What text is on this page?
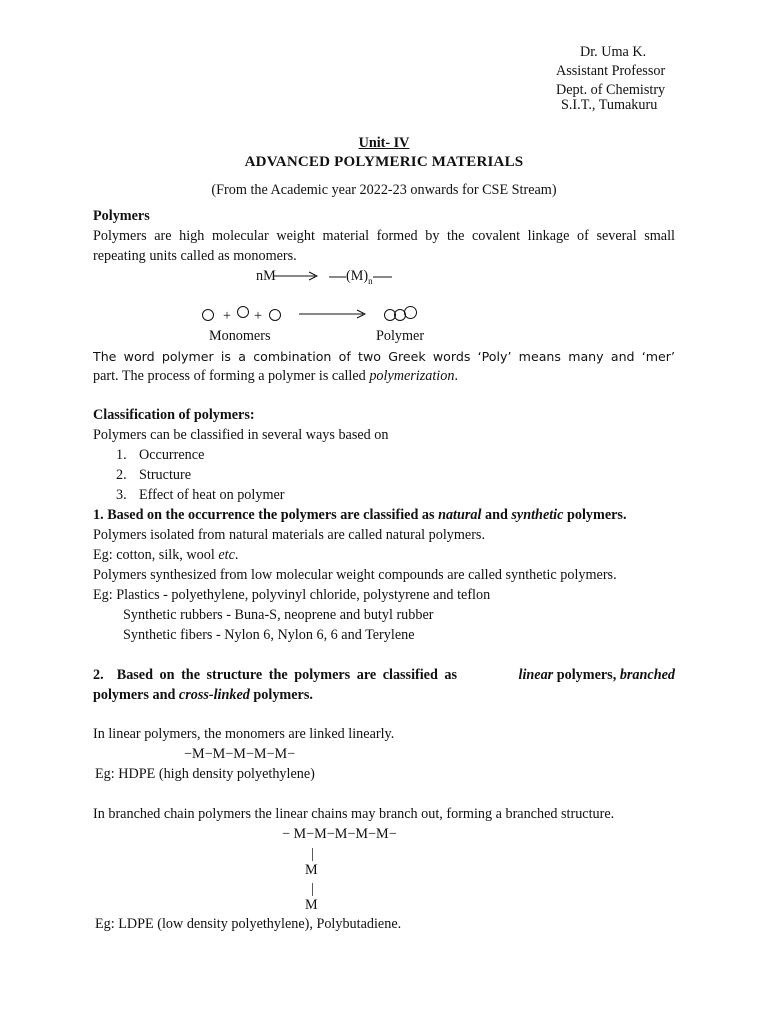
Dr. Uma K.
Assistant Professor
Dept. of Chemistry
S.I.T., Tumakuru
Unit- IV
ADVANCED POLYMERIC MATERIALS
(From the Academic year 2022-23 onwards for CSE Stream)
Polymers
Polymers are high molecular weight material formed by the covalent linkage of several small
repeating units called as monomers.
nM	$(M)_n$
+ +
Monomers	Polymer
The word polymer is a combination of two Greek words ‘Poly’ means many and ‘mer’
part. The process of forming a polymer is called polymerization.
Classification of polymers:
Polymers can be classified in several ways based on
1. Occurrence
2. Structure
3. Effect of heat on polymer
1. Based on the occurrence the polymers are classified as natural and synthetic polymers.
Polymers isolated from natural materials are called natural polymers.
Eg: cotton, silk, wool etc.
Polymers synthesized from low molecular weight compounds are called synthetic polymers.
Eg: Plastics - polyethylene, polyvinyl chloride, polystyrene and teflon
Synthetic rubbers - Buna-S, neoprene and butyl rubber
Synthetic fibers - Nylon 6, Nylon 6, 6 and Terylene
2.  Based on the structure the polymers are classified as	linear polymers, branched
polymers and cross-linked polymers.
In linear polymers, the monomers are linked linearly.
−M−M−M−M−M−
Eg: HDPE (high density polyethylene)
In branched chain polymers the linear chains may branch out, forming a branched structure.
− M−M−M−M−M−
|
M
|
M
Eg: LDPE (low density polyethylene), Polybutadiene.
